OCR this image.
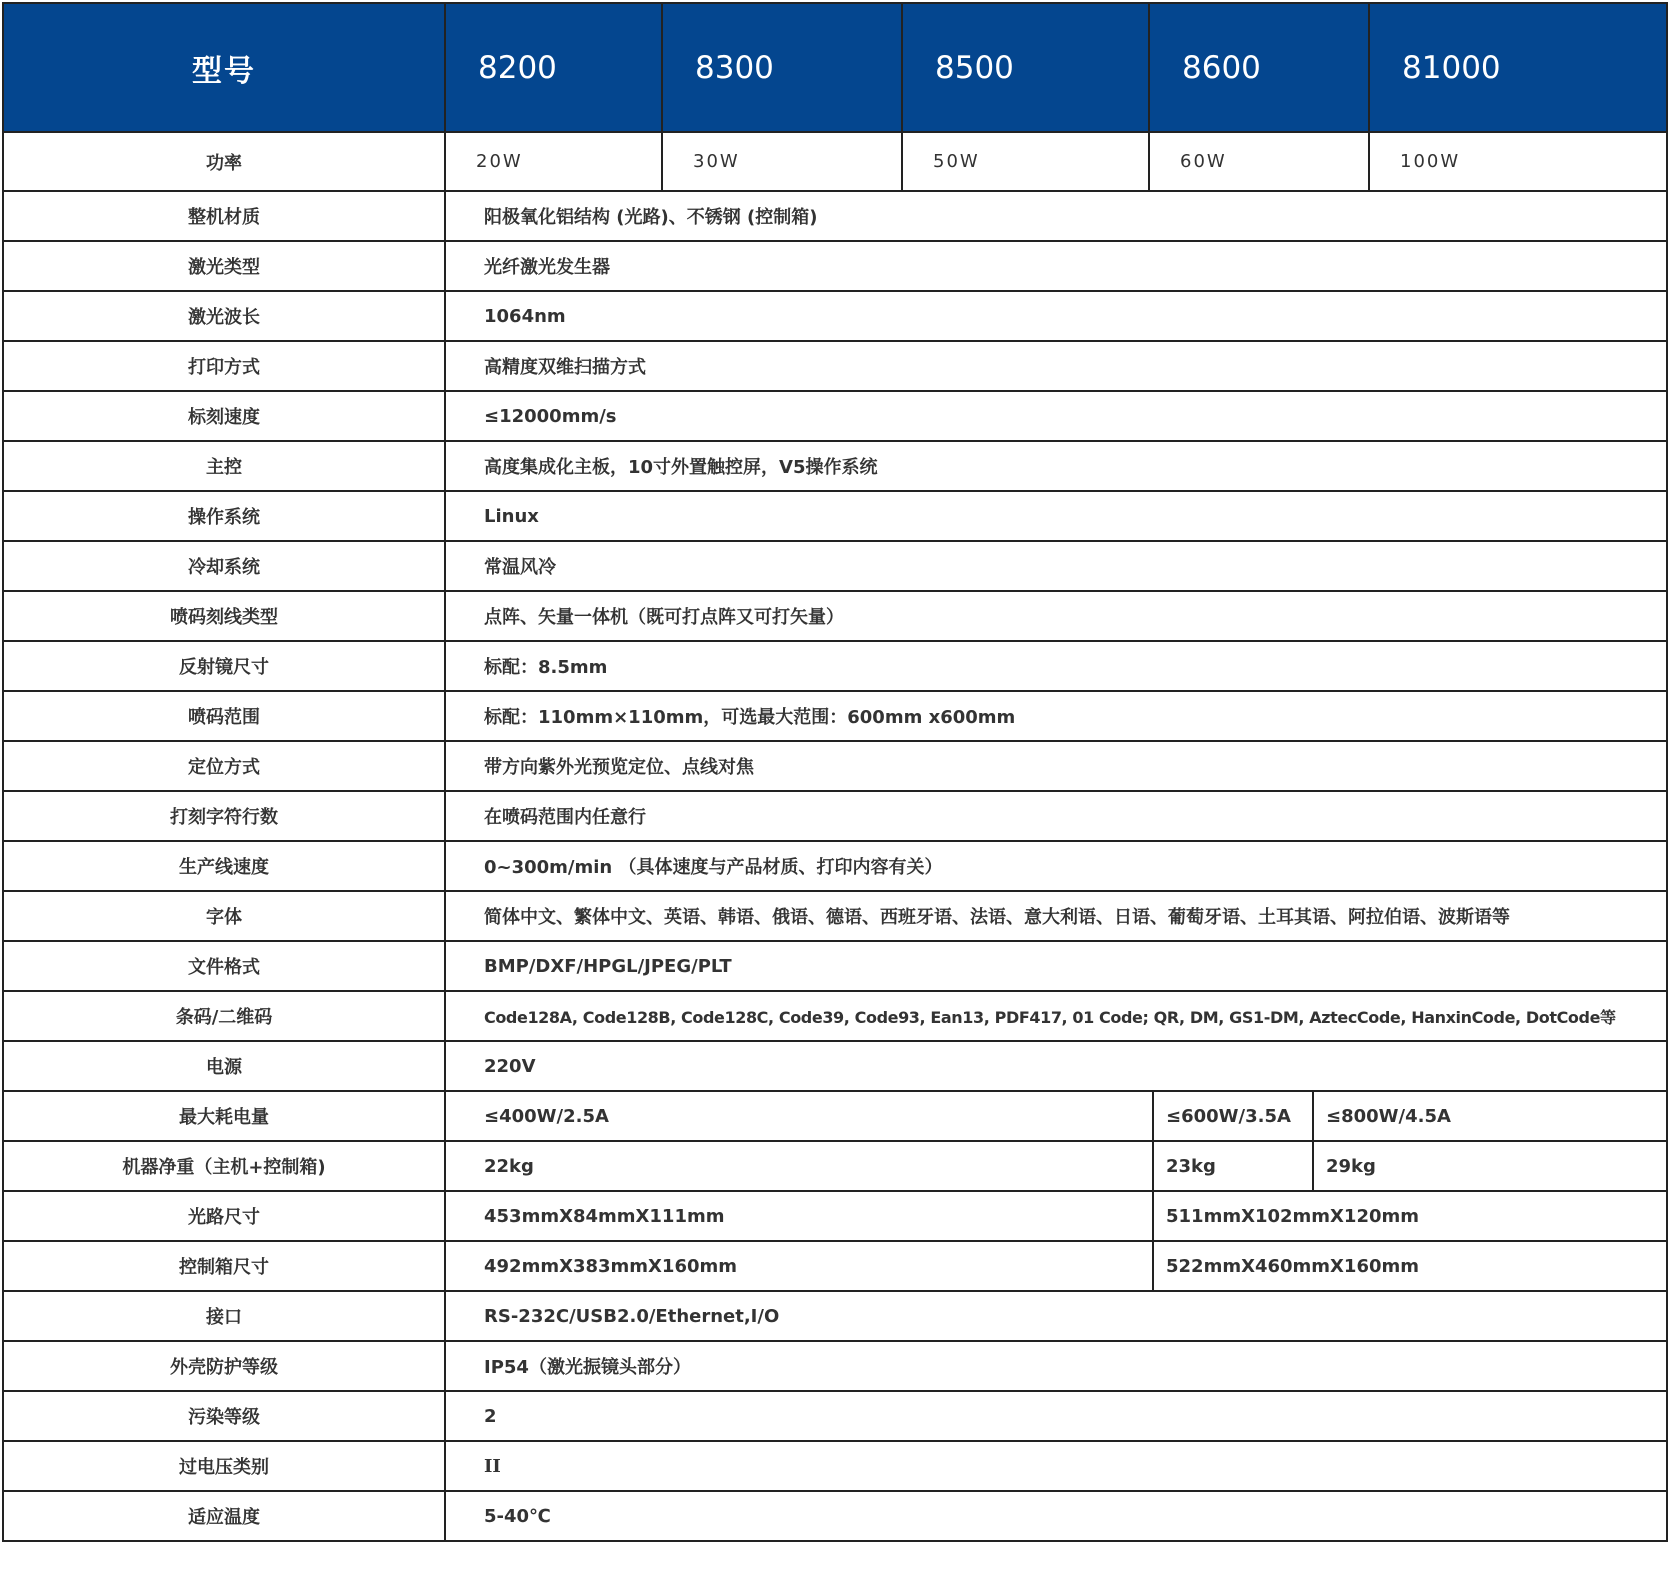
型号	8200	8300	8500	8600			81000
功率	20W	30W	50W	60W			100W
整机材质	阳极氧化铝结构 (光路)、不锈钢 (控制箱)						
激光类型	光纤激光发生器						
激光波长	1064nm						
打印方式	高精度双维扫描方式						
标刻速度	≤12000mm/s						
主控	高度集成化主板，10寸外置触控屏，V5操作系统						
操作系统	Linux						
冷却系统	常温风冷						
喷码刻线类型	点阵、矢量一体机（既可打点阵又可打矢量）						
反射镜尺寸	标配：8.5mm						
喷码范围	标配：110mm×110mm，可选最大范围：600mm x600mm						
定位方式	带方向紫外光预览定位、点线对焦						
打刻字符行数	在喷码范围内任意行						
生产线速度	0~300m/min （具体速度与产品材质、打印内容有关）						
字体	简体中文、繁体中文、英语、韩语、俄语、德语、西班牙语、法语、意大利语、日语、葡萄牙语、土耳其语、阿拉伯语、波斯语等						
文件格式	BMP/DXF/HPGL/JPEG/PLT						
条码/二维码	Code128A, Code128B, Code128C, Code39, Code93, Ean13, PDF417, 01 Code; QR, DM, GS1-DM, AztecCode, HanxinCode, DotCode等						
电源	220V						
最大耗电量	≤400W/2.5A				≤600W/3.5A	≤800W/4.5A	
机器净重（主机+控制箱)	22kg				23kg	29kg	
光路尺寸	453mmX84mmX111mm				511mmX102mmX120mm		
控制箱尺寸	492mmX383mmX160mm				522mmX460mmX160mm		
接口	RS-232C/USB2.0/Ethernet,I/O						
外壳防护等级	IP54（激光振镜头部分）						
污染等级	2						
过电压类别	II						
适应温度	5-40℃						
